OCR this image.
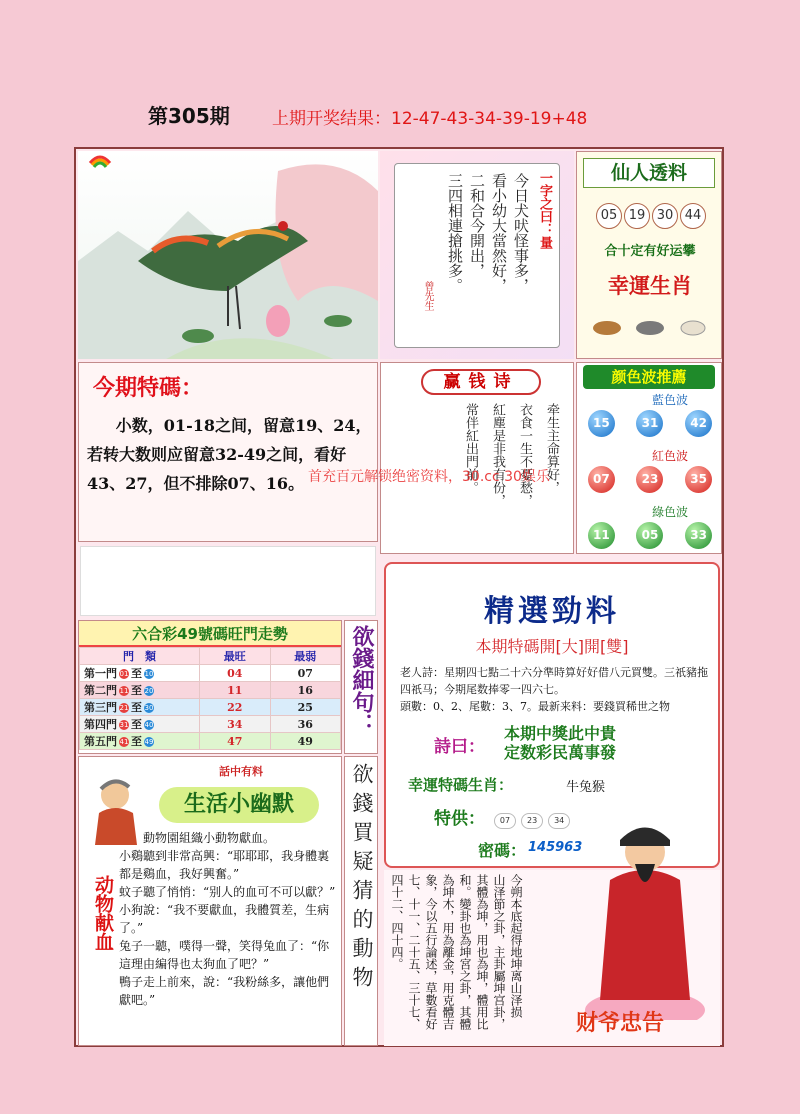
第305期 上期开奖结果：12-47-43-34-39-19+48
一字之曰：量
今日犬吠怪事多，
看小幼大當然好，
二和合今開出，
三四相連搶挑多。
曾先生
仙人透料
05 19 30 44
合十定有好运攀
幸運生肖
今期特碼：
小数，01-18之间，留意19、24，若转大数则应留意32-49之间，看好43、27，但不排除07、16。
赢钱诗
牵生主命算好，
衣食一生不憂愁，
紅塵是非我有份，
常伴紅出門前。
颜色波推薦
藍色波
15	31	42
紅色波
07	23	35
綠色波
11	05	33
首充百元解锁绝密资料，30.cc 30娱乐
六合彩49號碼旺門走勢
門　類	最旺	最弱
第一門 01 至 10	04	07
第二門 11 至 20	11	16
第三門 21 至 30	22	25
第四門 31 至 40	34	36
第五門 41 至 49	47	49
欲錢細句：
欲錢買疑猜的動物
話中有料
生活小幽默
动物献血
動物園組織小動物獻血。
小鷄聽到非常高興：“耶耶耶，我身體裏都是鷄血，我好興奮。”
蚊子聽了悄悄：“别人的血可不可以獻？”
小狗說：“我不要獻血，我體質差，生病了。”
兔子一聽，噗得一聲，笑得兔血了：“你這理由編得也太狗血了吧？”
鴨子走上前來，說：“我粉絲多，讓他們獻吧。”
精選勁料
本期特碼開[大]開[雙]
老人詩：星期四七點二十六分準時算好好借八元買雙。三祇豬拖四祇马；今期尾数捧零一四六七。
頭數：0、2、尾數：3、7。最新来料：要錢買稀世之物
詩曰：
本期中獎此中貴
定数彩民萬事發
幸運特碼生肖：	牛兔猴
特供：	07 23 34
密碼： 145963
今朔本底起得地坤离山泽损
山泽節之卦，主卦屬坤宫卦，
其體為坤，用也為坤，體用比
和。變卦也為坤宮之卦，其體
為坤木，用為離金，用克體吉
象，今以五行論述，草數看好
七、十一、二十五、三十七、
四十二、四十四。
财爷忠告
